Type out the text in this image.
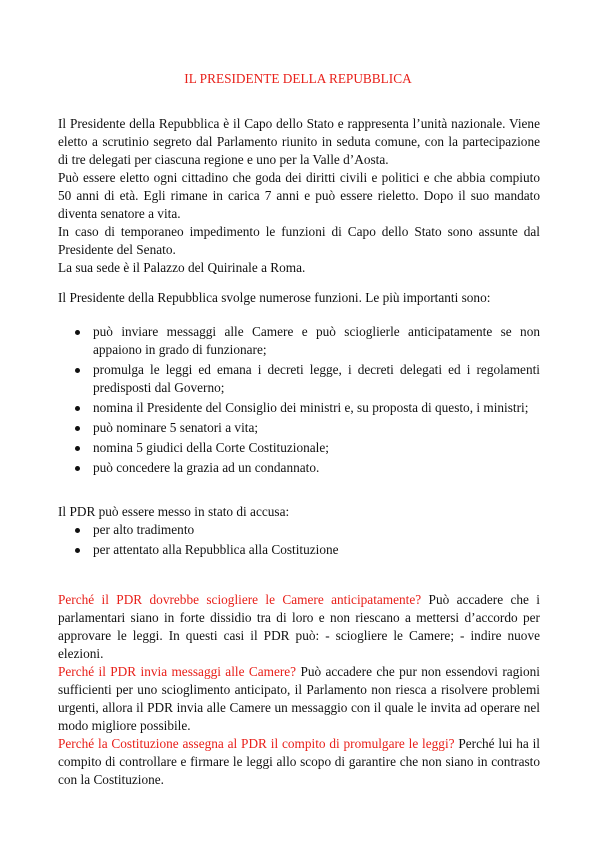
IL PRESIDENTE DELLA REPUBBLICA

Il Presidente della Repubblica è il Capo dello Stato e rappresenta l’unità nazionale. Viene eletto a scrutinio segreto dal Parlamento riunito in seduta comune, con la partecipazione di tre delegati per ciascuna regione e uno per la Valle d’Aosta.

Può essere eletto ogni cittadino che goda dei diritti civili e politici e che abbia compiuto 50 anni di età. Egli rimane in carica 7 anni e può essere rieletto. Dopo il suo mandato diventa senatore a vita.

In caso di temporaneo impedimento le funzioni di Capo dello Stato sono assunte dal Presidente del Senato.

La sua sede è il Palazzo del Quirinale a Roma.

Il Presidente della Repubblica svolge numerose funzioni. Le più importanti sono:

può inviare messaggi alle Camere e può scioglierle anticipatamente se non appaiono in grado di funzionare;
promulga le leggi ed emana i decreti legge, i decreti delegati ed i regolamenti predisposti dal Governo;
nomina il Presidente del Consiglio dei ministri e, su proposta di questo, i ministri;
può nominare 5 senatori a vita;
nomina 5 giudici della Corte Costituzionale;
può concedere la grazia ad un condannato.

Il PDR può essere messo in stato di accusa:

per alto tradimento
per attentato alla Repubblica alla Costituzione

Perché il PDR dovrebbe sciogliere le Camere anticipatamente? Può accadere che i parlamentari siano in forte dissidio tra di loro e non riescano a mettersi d’accordo per approvare le leggi. In questi casi il PDR può: - sciogliere le Camere; - indire nuove elezioni.

Perché il PDR invia messaggi alle Camere? Può accadere che pur non essendovi ragioni sufficienti per uno scioglimento anticipato, il Parlamento non riesca a risolvere problemi urgenti, allora il PDR invia alle Camere un messaggio con il quale le invita ad operare nel modo migliore possibile.

Perché la Costituzione assegna al PDR il compito di promulgare le leggi? Perché lui ha il compito di controllare e firmare le leggi allo scopo di garantire che non siano in contrasto con la Costituzione.
